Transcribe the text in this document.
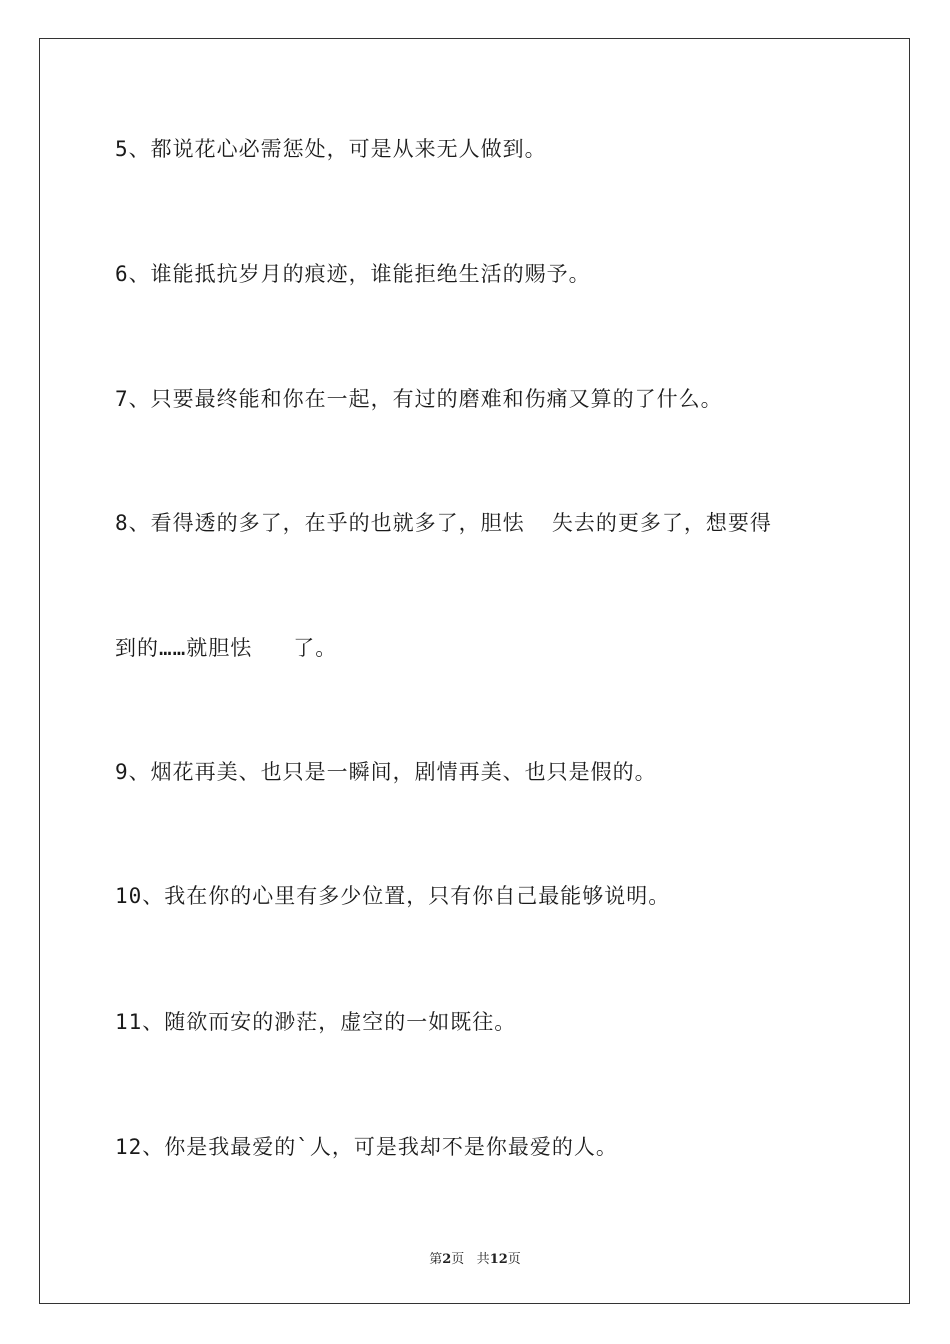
5、都说花心必需惩处，可是从来无人做到。

6、谁能抵抗岁月的痕迹，谁能拒绝生活的赐予。

7、只要最终能和你在一起，有过的磨难和伤痛又算的了什么。

8、看得透的多了，在乎的也就多了，胆怯  失去的更多了，想要得

到的……就胆怯   了。

9、烟花再美、也只是一瞬间，剧情再美、也只是假的。

10、我在你的心里有多少位置，只有你自己最能够说明。

11、随欲而安的渺茫，虚空的一如既往。

12、你是我最爱的`人，可是我却不是你最爱的人。

第2页 共12页
